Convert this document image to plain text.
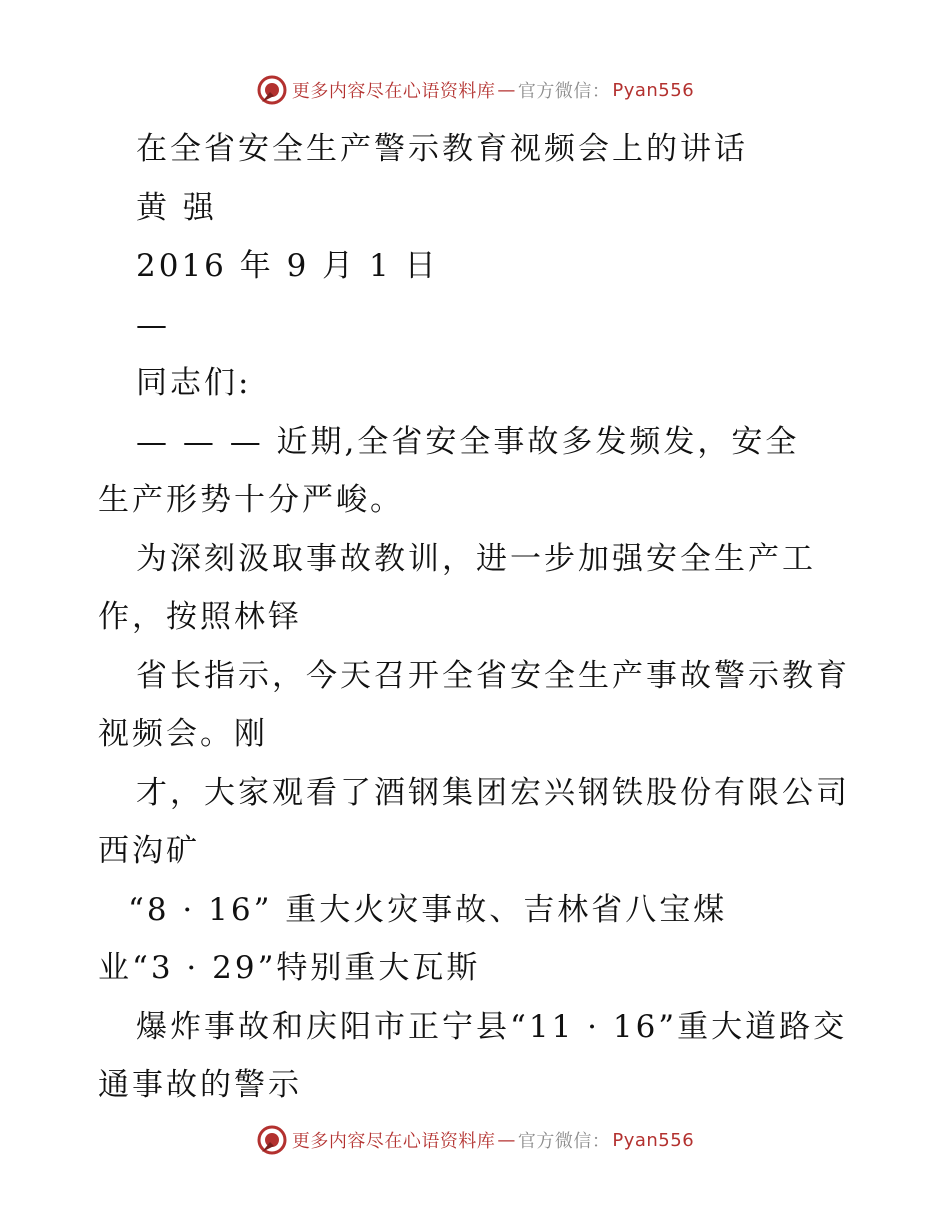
更多内容尽在心语资料库 — 官方微信： Pyan556
在全省安全生产警示教育视频会上的讲话
黄 强
2016 年 9 月 1 日
—
同志们:
— — — 近期,全省安全事故多发频发，安全
生产形势十分严峻。
为深刻汲取事故教训，进一步加强安全生产工
作，按照林铎
省长指示，今天召开全省安全生产事故警示教育
视频会。刚
才，大家观看了酒钢集团宏兴钢铁股份有限公司
西沟矿
“8 · 16” 重大火灾事故、吉林省八宝煤
业“3 · 29”特别重大瓦斯
爆炸事故和庆阳市正宁县“11 · 16”重大道路交
通事故的警示
更多内容尽在心语资料库 — 官方微信： Pyan556
